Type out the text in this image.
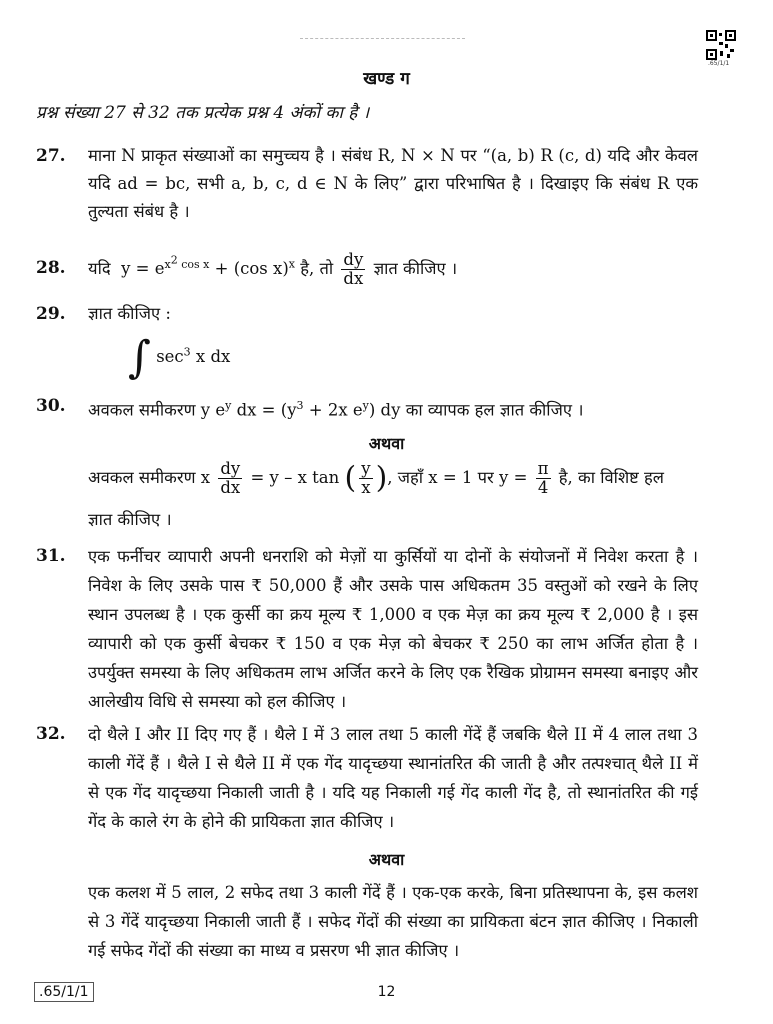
.65/1/1
खण्ड ग
प्रश्न संख्या 27 से 32 तक प्रत्येक प्रश्न 4 अंकों का है ।
27. माना N प्राकृत संख्याओं का समुच्चय है । संबंध R, N × N पर “(a, b) R (c, d) यदि और केवल यदि ad = bc, सभी a, b, c, d ∈ N के लिए” द्वारा परिभाषित है । दिखाइए कि संबंध R एक तुल्यता संबंध है ।
28. यदि $y = e^{x^2 cos x} + (\cos$ x)$^x$ है, तो $\frac{dy}{dx}$ ज्ञात कीजिए ।
29. ज्ञात कीजिए :
∫ $\sec^3 x$ dx
30. अवकल समीकरण y $e^y$ dx = ($y^3 + 2x$ $e^y$) dy का व्यापक हल ज्ञात कीजिए ।
अथवा
अवकल समीकरण x $\frac{dy}{dx} = y - x$ tan ( $\frac{y}{x}$ ), जहाँ x = 1 पर $y = \frac{\pi}{4}$ है, का विशिष्ट हल
ज्ञात कीजिए ।
31. एक फर्नीचर व्यापारी अपनी धनराशि को मेज़ों या कुर्सियों या दोनों के संयोजनों में निवेश करता है । निवेश के लिए उसके पास ₹ 50,000 हैं और उसके पास अधिकतम 35 वस्तुओं को रखने के लिए स्थान उपलब्ध है । एक कुर्सी का क्रय मूल्य ₹ 1,000 व एक मेज़ का क्रय मूल्य ₹ 2,000 है । इस व्यापारी को एक कुर्सी बेचकर ₹ 150 व एक मेज़ को बेचकर ₹ 250 का लाभ अर्जित होता है । उपर्युक्त समस्या के लिए अधिकतम लाभ अर्जित करने के लिए एक रैखिक प्रोग्रामन समस्या बनाइए और आलेखीय विधि से समस्या को हल कीजिए ।
32. दो थैले I और II दिए गए हैं । थैले I में 3 लाल तथा 5 काली गेंदें हैं जबकि थैले II में 4 लाल तथा 3 काली गेंदें हैं । थैले I से थैले II में एक गेंद यादृच्छया स्थानांतरित की जाती है और तत्पश्चात् थैले II में से एक गेंद यादृच्छया निकाली जाती है । यदि यह निकाली गई गेंद काली गेंद है, तो स्थानांतरित की गई गेंद के काले रंग के होने की प्रायिकता ज्ञात कीजिए ।
अथवा
एक कलश में 5 लाल, 2 सफेद तथा 3 काली गेंदें हैं । एक-एक करके, बिना प्रतिस्थापना के, इस कलश से 3 गेंदें यादृच्छया निकाली जाती हैं । सफेद गेंदों की संख्या का प्रायिकता बंटन ज्ञात कीजिए । निकाली गई सफेद गेंदों की संख्या का माध्य व प्रसरण भी ज्ञात कीजिए ।
.65/1/1	12
